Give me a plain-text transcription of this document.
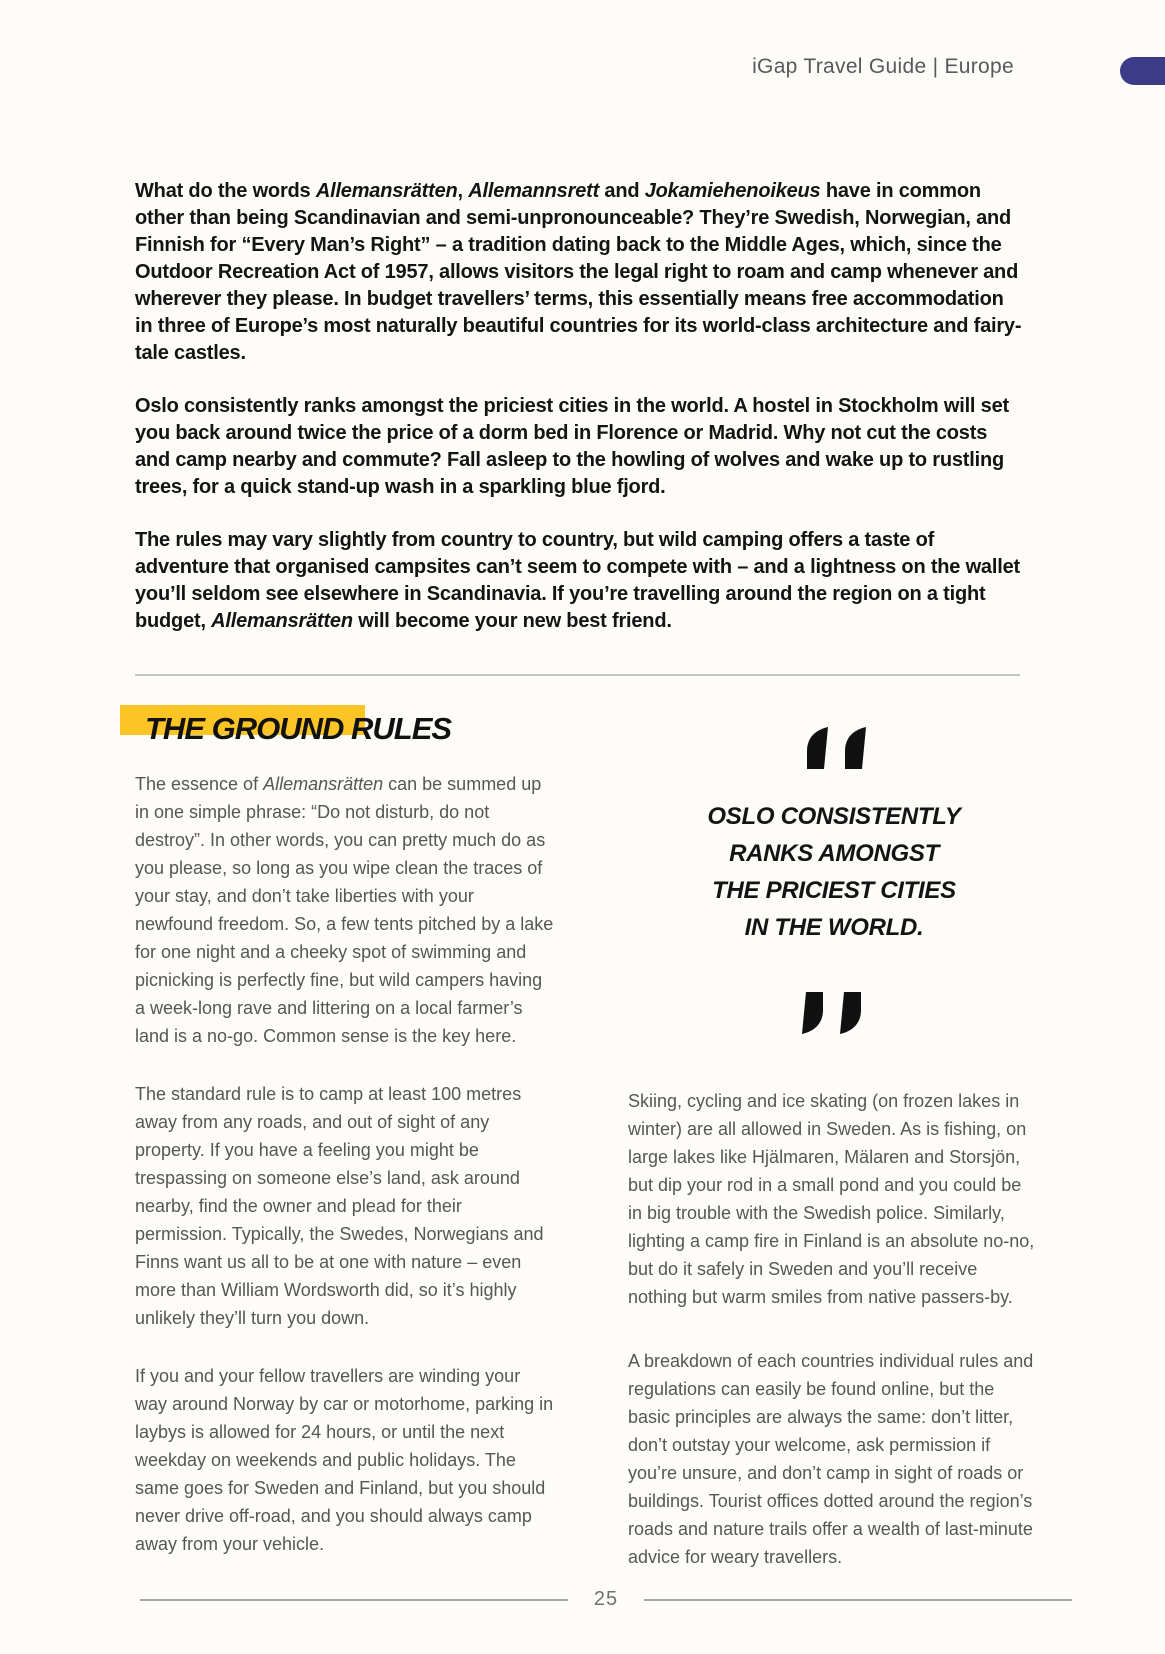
iGap Travel Guide | Europe

What do the words Allemansrätten, Allemannsrett and Jokamiehenoikeus have in common other than being Scandinavian and semi-unpronounceable? They’re Swedish, Norwegian, and Finnish for “Every Man’s Right” – a tradition dating back to the Middle Ages, which, since the Outdoor Recreation Act of 1957, allows visitors the legal right to roam and camp whenever and wherever they please. In budget travellers’ terms, this essentially means free accommodation in three of Europe’s most naturally beautiful countries for its world-class architecture and fairy-tale castles.

Oslo consistently ranks amongst the priciest cities in the world. A hostel in Stockholm will set you back around twice the price of a dorm bed in Florence or Madrid. Why not cut the costs and camp nearby and commute? Fall asleep to the howling of wolves and wake up to rustling trees, for a quick stand-up wash in a sparkling blue fjord.

The rules may vary slightly from country to country, but wild camping offers a taste of adventure that organised campsites can’t seem to compete with – and a lightness on the wallet you’ll seldom see elsewhere in Scandinavia. If you’re travelling around the region on a tight budget, Allemansrätten will become your new best friend.

THE GROUND RULES

The essence of Allemansrätten can be summed up in one simple phrase: “Do not disturb, do not destroy”. In other words, you can pretty much do as you please, so long as you wipe clean the traces of your stay, and don’t take liberties with your newfound freedom. So, a few tents pitched by a lake for one night and a cheeky spot of swimming and picnicking is perfectly fine, but wild campers having a week-long rave and littering on a local farmer’s land is a no-go. Common sense is the key here.

The standard rule is to camp at least 100 metres away from any roads, and out of sight of any property. If you have a feeling you might be trespassing on someone else’s land, ask around nearby, find the owner and plead for their permission. Typically, the Swedes, Norwegians and Finns want us all to be at one with nature – even more than William Wordsworth did, so it’s highly unlikely they’ll turn you down.

If you and your fellow travellers are winding your way around Norway by car or motorhome, parking in laybys is allowed for 24 hours, or until the next weekday on weekends and public holidays. The same goes for Sweden and Finland, but you should never drive off-road, and you should always camp away from your vehicle.

OSLO CONSISTENTLY
RANKS AMONGST
THE PRICIEST CITIES
IN THE WORLD.

Skiing, cycling and ice skating (on frozen lakes in winter) are all allowed in Sweden. As is fishing, on large lakes like Hjälmaren, Mälaren and Storsjön, but dip your rod in a small pond and you could be in big trouble with the Swedish police. Similarly, lighting a camp fire in Finland is an absolute no-no, but do it safely in Sweden and you’ll receive nothing but warm smiles from native passers-by.

A breakdown of each countries individual rules and regulations can easily be found online, but the basic principles are always the same: don’t litter, don’t outstay your welcome, ask permission if you’re unsure, and don’t camp in sight of roads or buildings. Tourist offices dotted around the region’s roads and nature trails offer a wealth of last-minute advice for weary travellers.

25
